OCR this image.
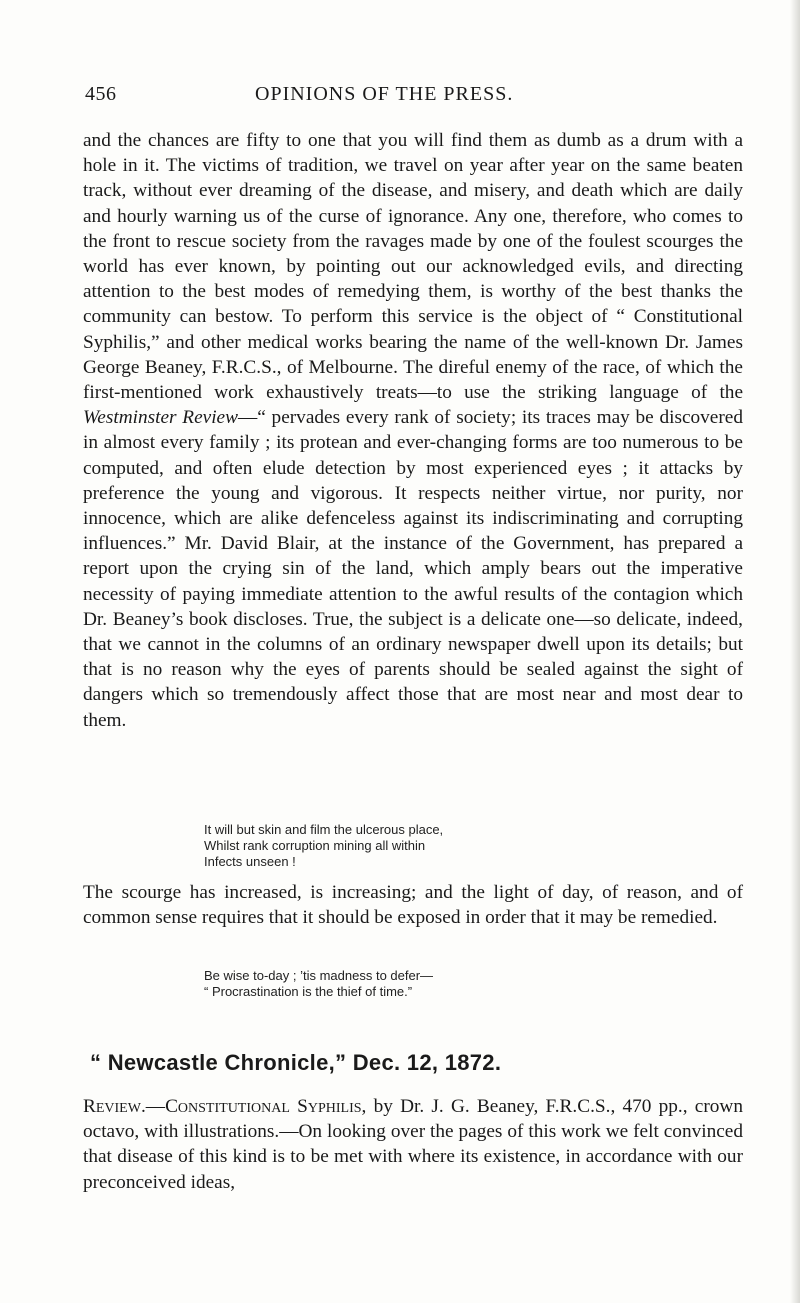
456	OPINIONS OF THE PRESS.

and the chances are fifty to one that you will find them as dumb as a drum with a hole in it. The victims of tradition, we travel on year after year on the same beaten track, without ever dreaming of the disease, and misery, and death which are daily and hourly warning us of the curse of ignorance. Any one, therefore, who comes to the front to rescue society from the ravages made by one of the foulest scourges the world has ever known, by pointing out our acknowledged evils, and directing attention to the best modes of remedying them, is worthy of the best thanks the community can bestow. To perform this service is the object of “ Constitutional Syphilis,” and other medical works bearing the name of the well-known Dr. James George Beaney, F.R.C.S., of Melbourne. The direful enemy of the race, of which the first-mentioned work exhaustively treats—to use the striking language of the Westminster Review—“ pervades every rank of society; its traces may be discovered in almost every family ; its protean and ever-changing forms are too numerous to be computed, and often elude detection by most experienced eyes ; it attacks by preference the young and vigorous. It respects neither virtue, nor purity, nor innocence, which are alike defenceless against its indiscriminating and corrupting influences.” Mr. David Blair, at the instance of the Government, has prepared a report upon the crying sin of the land, which amply bears out the imperative necessity of paying immediate attention to the awful results of the contagion which Dr. Beaney’s book discloses. True, the subject is a delicate one—so delicate, indeed, that we cannot in the columns of an ordinary newspaper dwell upon its details; but that is no reason why the eyes of parents should be sealed against the sight of dangers which so tremendously affect those that are most near and most dear to them.

It will but skin and film the ulcerous place,
Whilst rank corruption mining all within
Infects unseen !

The scourge has increased, is increasing; and the light of day, of reason, and of common sense requires that it should be exposed in order that it may be remedied.

Be wise to-day ; ’tis madness to defer—
“ Procrastination is the thief of time.”
“ Newcastle Chronicle,” Dec. 12, 1872.

Review.—Constitutional Syphilis, by Dr. J. G. Beaney, F.R.C.S., 470 pp., crown octavo, with illustrations.—On looking over the pages of this work we felt convinced that disease of this kind is to be met with where its existence, in accordance with our preconceived ideas,
